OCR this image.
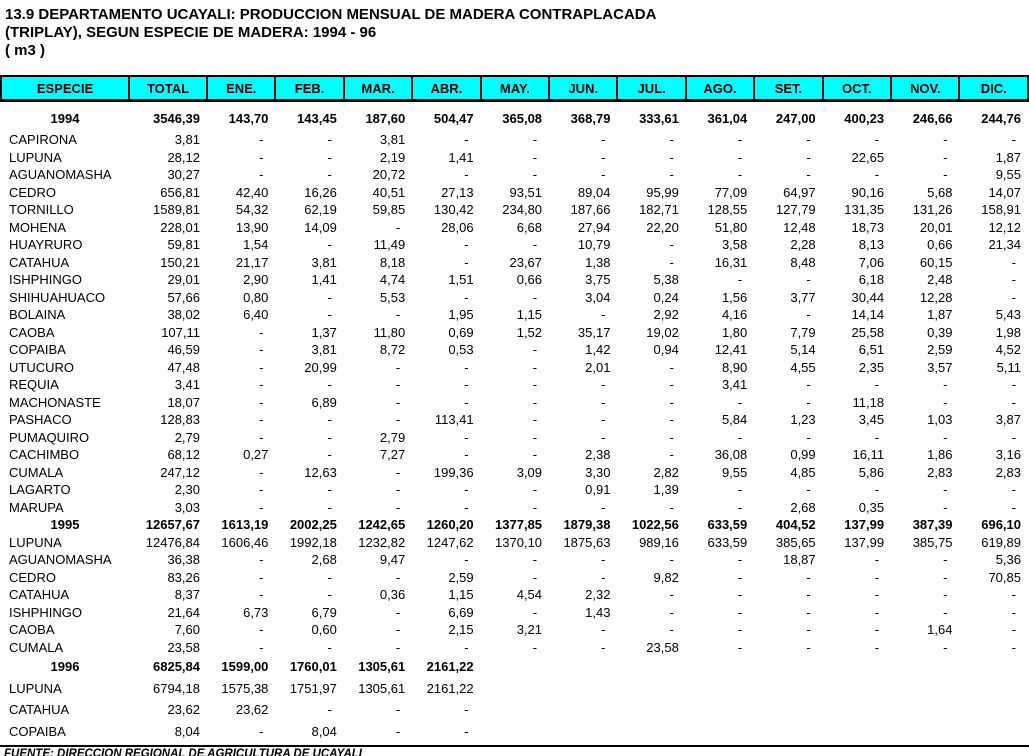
13.9 DEPARTAMENTO UCAYALI: PRODUCCION MENSUAL DE MADERA CONTRAPLACADA
(TRIPLAY), SEGUN ESPECIE DE MADERA: 1994 - 96
( m3 )
ESPECIE	TOTAL	ENE.	FEB.	MAR.	ABR.	MAY.	JUN.	JUL.	AGO.	SET.	OCT.	NOV.	DIC.
1994	3546,39	143,70	143,45	187,60	504,47	365,08	368,79	333,61	361,04	247,00	400,23	246,66	244,76
CAPIRONA	3,81	-	-	3,81	-	-	-	-	-	-	-	-	-
LUPUNA	28,12	-	-	2,19	1,41	-	-	-	-	-	22,65	-	1,87
AGUANOMASHA	30,27	-	-	20,72	-	-	-	-	-	-	-	-	9,55
CEDRO	656,81	42,40	16,26	40,51	27,13	93,51	89,04	95,99	77,09	64,97	90,16	5,68	14,07
TORNILLO	1589,81	54,32	62,19	59,85	130,42	234,80	187,66	182,71	128,55	127,79	131,35	131,26	158,91
MOHENA	228,01	13,90	14,09	-	28,06	6,68	27,94	22,20	51,80	12,48	18,73	20,01	12,12
HUAYRURO	59,81	1,54	-	11,49	-	-	10,79	-	3,58	2,28	8,13	0,66	21,34
CATAHUA	150,21	21,17	3,81	8,18	-	23,67	1,38	-	16,31	8,48	7,06	60,15	-
ISHPHINGO	29,01	2,90	1,41	4,74	1,51	0,66	3,75	5,38	-	-	6,18	2,48	-
SHIHUAHUACO	57,66	0,80	-	5,53	-	-	3,04	0,24	1,56	3,77	30,44	12,28	-
BOLAINA	38,02	6,40	-	-	1,95	1,15	-	2,92	4,16	-	14,14	1,87	5,43
CAOBA	107,11	-	1,37	11,80	0,69	1,52	35,17	19,02	1,80	7,79	25,58	0,39	1,98
COPAIBA	46,59	-	3,81	8,72	0,53	-	1,42	0,94	12,41	5,14	6,51	2,59	4,52
UTUCURO	47,48	-	20,99	-	-	-	2,01	-	8,90	4,55	2,35	3,57	5,11
REQUIA	3,41	-	-	-	-	-	-	-	3,41	-	-	-	-
MACHONASTE	18,07	-	6,89	-	-	-	-	-	-	-	11,18	-	-
PASHACO	128,83	-	-	-	113,41	-	-	-	5,84	1,23	3,45	1,03	3,87
PUMAQUIRO	2,79	-	-	2,79	-	-	-	-	-	-	-	-	-
CACHIMBO	68,12	0,27	-	7,27	-	-	2,38	-	36,08	0,99	16,11	1,86	3,16
CUMALA	247,12	-	12,63	-	199,36	3,09	3,30	2,82	9,55	4,85	5,86	2,83	2,83
LAGARTO	2,30	-	-	-	-	-	0,91	1,39	-	-	-	-	-
MARUPA	3,03	-	-	-	-	-	-	-	-	2,68	0,35	-	-
1995	12657,67	1613,19	2002,25	1242,65	1260,20	1377,85	1879,38	1022,56	633,59	404,52	137,99	387,39	696,10
LUPUNA	12476,84	1606,46	1992,18	1232,82	1247,62	1370,10	1875,63	989,16	633,59	385,65	137,99	385,75	619,89
AGUANOMASHA	36,38	-	2,68	9,47	-	-	-	-	-	18,87	-	-	5,36
CEDRO	83,26	-	-	-	2,59	-	-	9,82	-	-	-	-	70,85
CATAHUA	8,37	-	-	0,36	1,15	4,54	2,32	-	-	-	-	-	-
ISHPHINGO	21,64	6,73	6,79	-	6,69	-	1,43	-	-	-	-	-	-
CAOBA	7,60	-	0,60	-	2,15	3,21	-	-	-	-	-	1,64	-
CUMALA	23,58	-	-	-	-	-	-	23,58	-	-	-	-	-
1996	6825,84	1599,00	1760,01	1305,61	2161,22								
LUPUNA	6794,18	1575,38	1751,97	1305,61	2161,22								
CATAHUA	23,62	23,62	-	-	-								
COPAIBA	8,04	-	8,04	-	-								
FUENTE: DIRECCION REGIONAL DE AGRICULTURA DE UCAYALI
